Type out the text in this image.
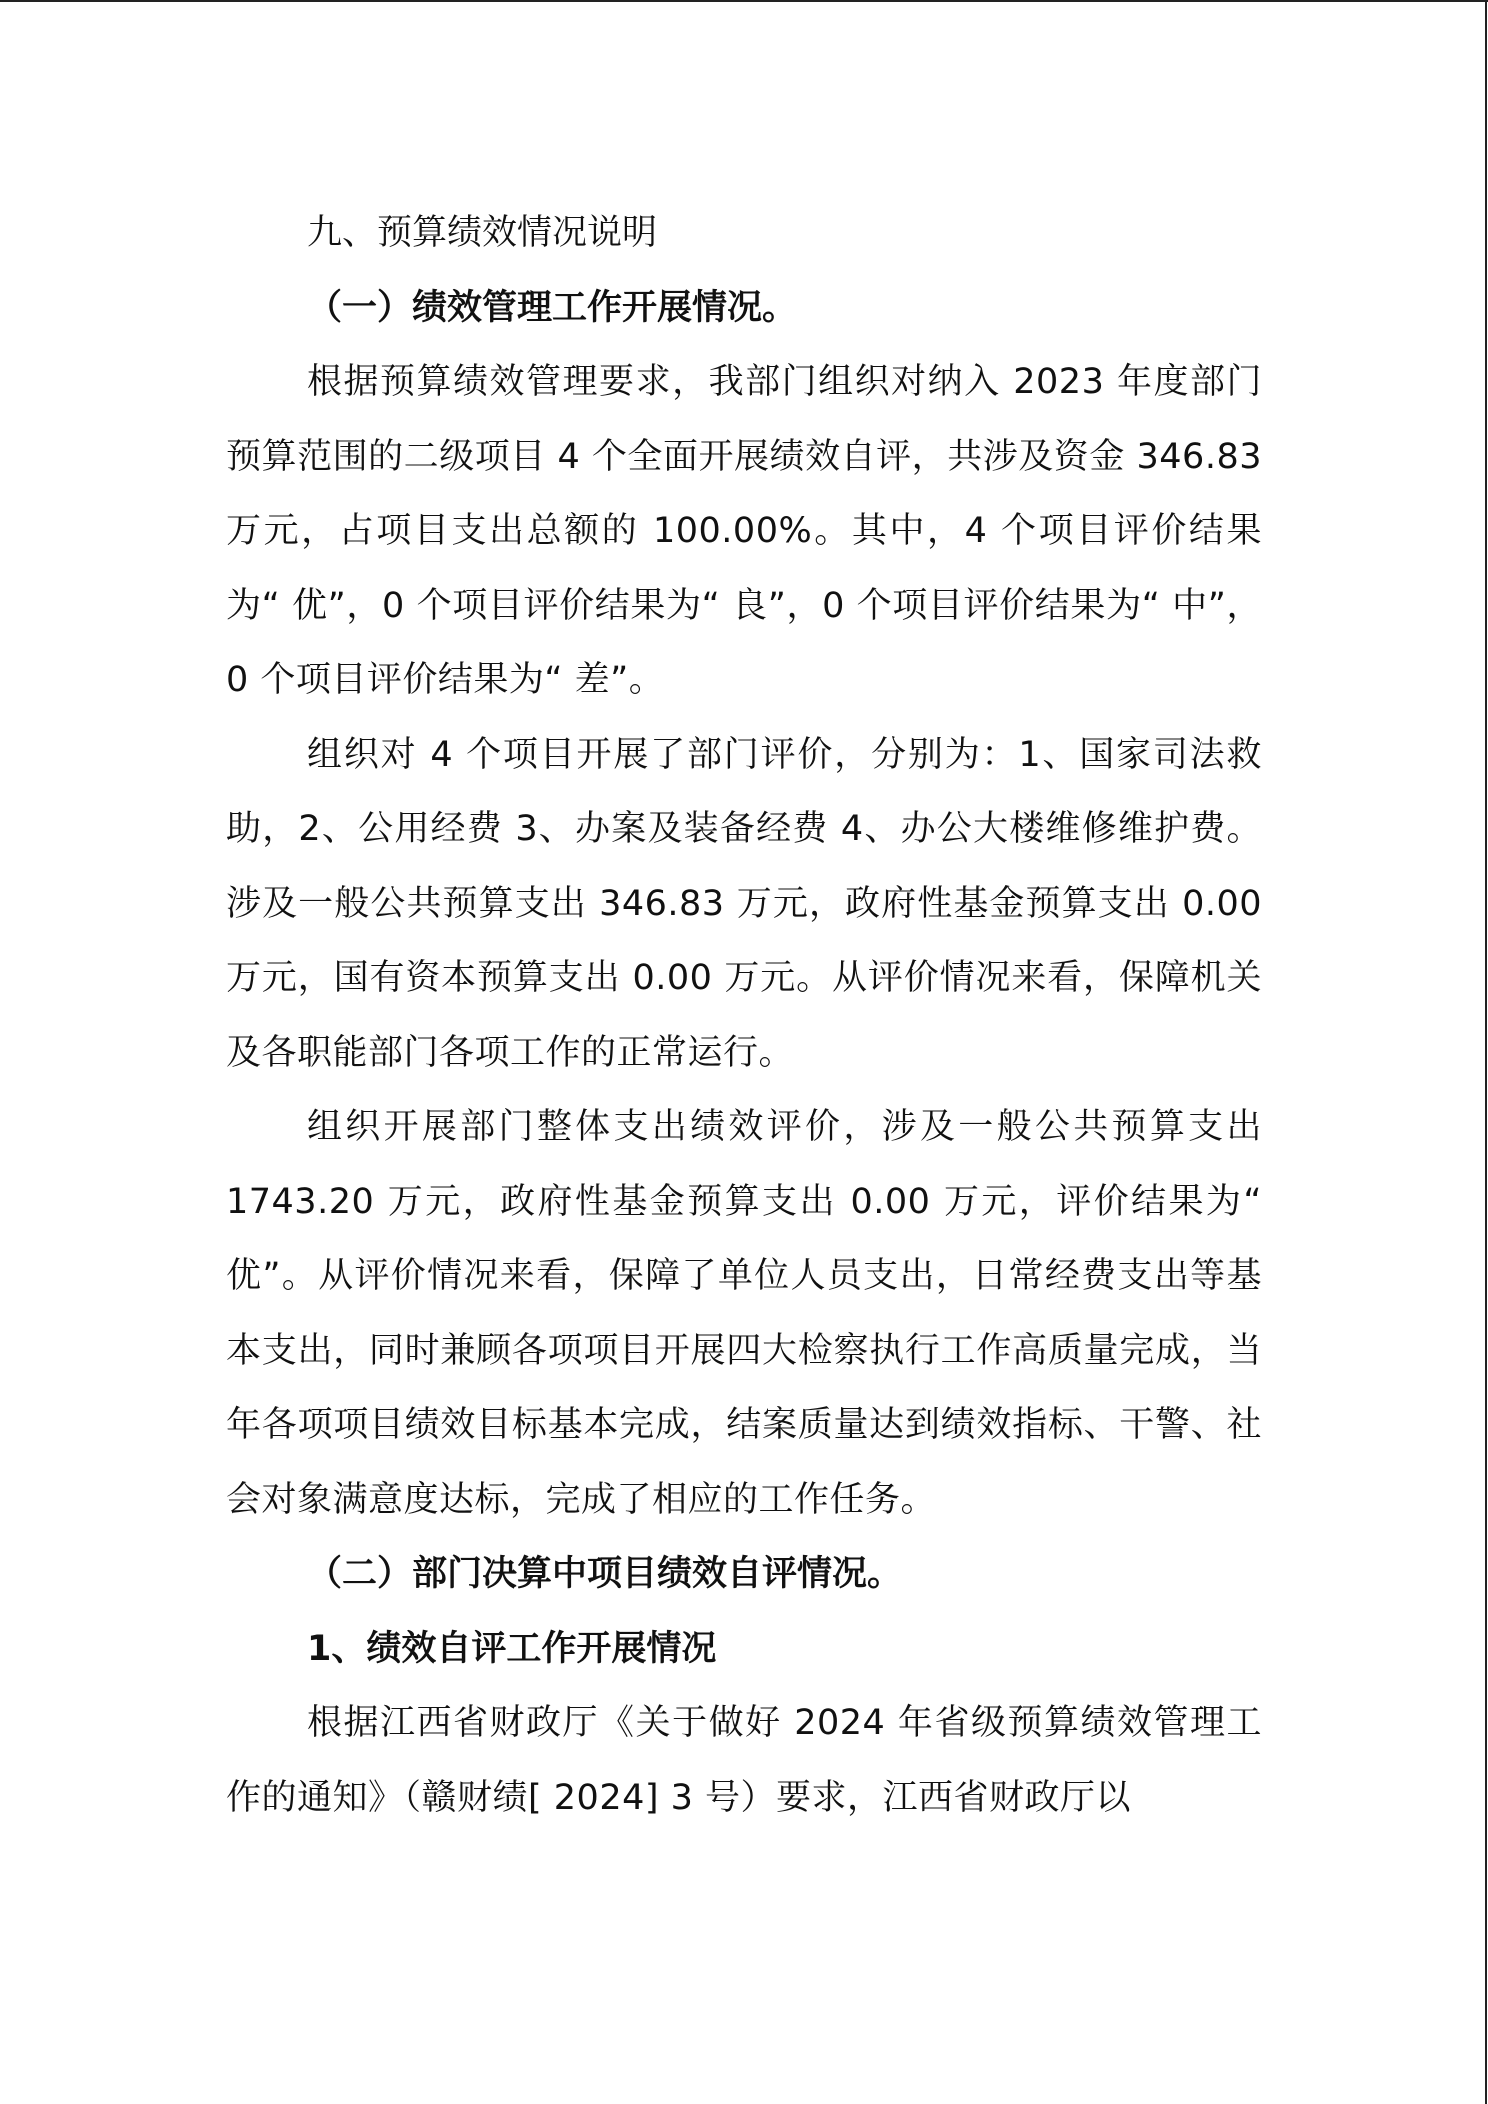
九、预算绩效情况说明

（一）绩效管理工作开展情况。

根据预算绩效管理要求，我部门组织对纳入 2023 年度部门预算范围的二级项目 4 个全面开展绩效自评，共涉及资金 346.83 万元，占项目支出总额的 100.00%。其中，4 个项目评价结果为“ 优”，0 个项目评价结果为“ 良”，0 个项目评价结果为“ 中”，0 个项目评价结果为“ 差”。

组织对 4 个项目开展了部门评价，分别为：1、国家司法救助，2、公用经费 3、办案及装备经费 4、办公大楼维修维护费。涉及一般公共预算支出 346.83 万元，政府性基金预算支出 0.00 万元，国有资本预算支出 0.00 万元。从评价情况来看，保障机关及各职能部门各项工作的正常运行。

组织开展部门整体支出绩效评价，涉及一般公共预算支出 1743.20 万元，政府性基金预算支出 0.00 万元，评价结果为“ 优”。从评价情况来看，保障了单位人员支出，日常经费支出等基本支出，同时兼顾各项项目开展四大检察执行工作高质量完成，当年各项项目绩效目标基本完成，结案质量达到绩效指标、干警、社会对象满意度达标，完成了相应的工作任务。

（二）部门决算中项目绩效自评情况。

1、绩效自评工作开展情况

根据江西省财政厅《关于做好 2024 年省级预算绩效管理工作的通知》（赣财绩[ 2024] 3 号）要求，江西省财政厅以
